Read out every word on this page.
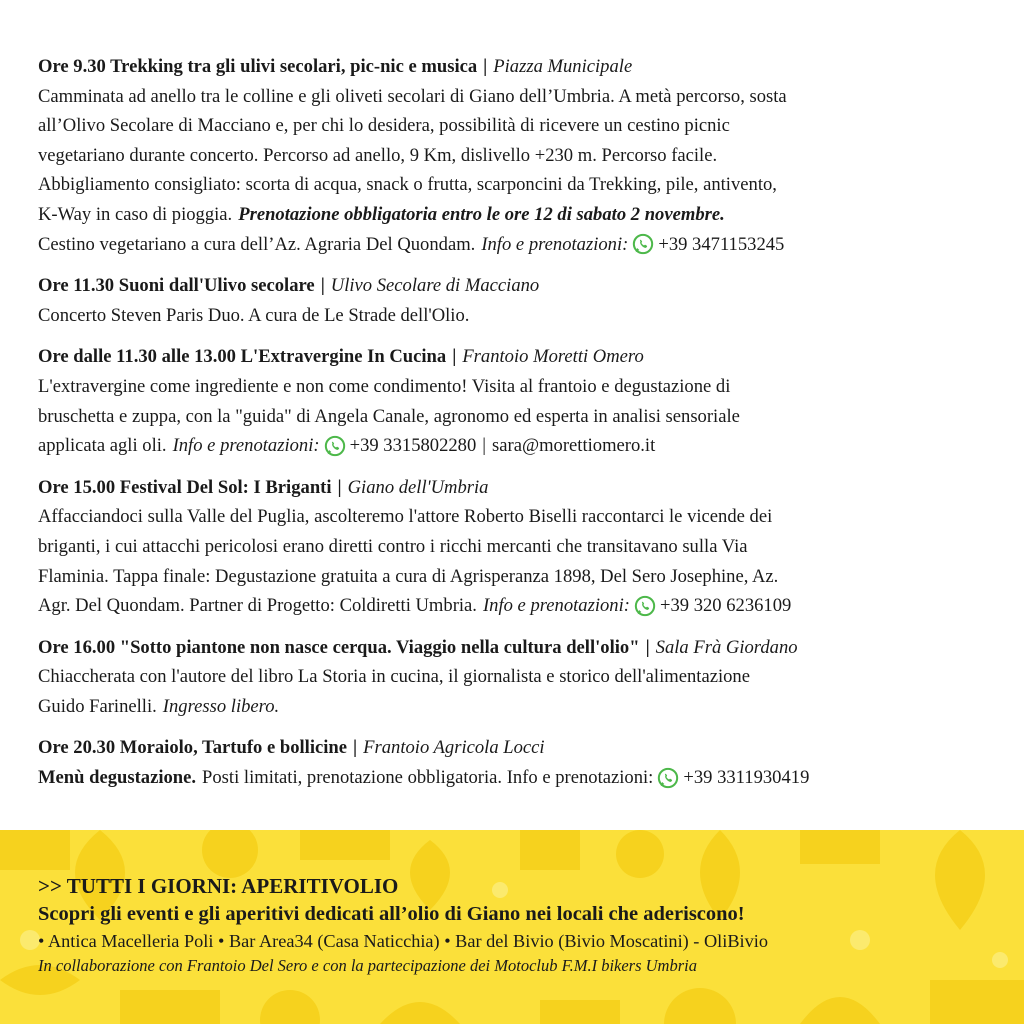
Ore 9.30 Trekking tra gli ulivi secolari, pic-nic e musica | Piazza Municipale
Camminata ad anello tra le colline e gli oliveti secolari di Giano dell’Umbria. A metà percorso, sosta
all’Olivo Secolare di Macciano e, per chi lo desidera, possibilità di ricevere un cestino picnic
vegetariano durante concerto. Percorso ad anello, 9 Km, dislivello +230 m. Percorso facile.
Abbigliamento consigliato: scorta di acqua, snack o frutta, scarponcini da Trekking, pile, antivento,
K-Way in caso di pioggia. Prenotazione obbligatoria entro le ore 12 di sabato 2 novembre.
Cestino vegetariano a cura dell’Az. Agraria Del Quondam. Info e prenotazioni: +39 3471153245
Ore 11.30 Suoni dall'Ulivo secolare | Ulivo Secolare di Macciano
Concerto Steven Paris Duo. A cura de Le Strade dell'Olio.
Ore dalle 11.30 alle 13.00 L'Extravergine In Cucina | Frantoio Moretti Omero
L'extravergine come ingrediente e non come condimento! Visita al frantoio e degustazione di
bruschetta e zuppa, con la "guida" di Angela Canale, agronomo ed esperta in analisi sensoriale
applicata agli oli. Info e prenotazioni: +39 3315802280 | sara@morettiomero.it
Ore 15.00 Festival Del Sol: I Briganti | Giano dell'Umbria
Affacciandoci sulla Valle del Puglia, ascolteremo l'attore Roberto Biselli raccontarci le vicende dei
briganti, i cui attacchi pericolosi erano diretti contro i ricchi mercanti che transitavano sulla Via
Flaminia. Tappa finale: Degustazione gratuita a cura di Agrisperanza 1898, Del Sero Josephine, Az.
Agr. Del Quondam. Partner di Progetto: Coldiretti Umbria. Info e prenotazioni: +39 320 6236109
Ore 16.00 "Sotto piantone non nasce cerqua. Viaggio nella cultura dell'olio" | Sala Frà Giordano
Chiaccherata con l'autore del libro La Storia in cucina, il giornalista e storico dell'alimentazione
Guido Farinelli. Ingresso libero.
Ore 20.30 Moraiolo, Tartufo e bollicine | Frantoio Agricola Locci
Menù degustazione. Posti limitati, prenotazione obbligatoria. Info e prenotazioni: +39 3311930419
>> TUTTI I GIORNI: APERITIVOLIO
Scopri gli eventi e gli aperitivi dedicati all’olio di Giano nei locali che aderiscono!
• Antica Macelleria Poli • Bar Area34 (Casa Naticchia) • Bar del Bivio (Bivio Moscatini) - OliBivio
In collaborazione con Frantoio Del Sero e con la partecipazione dei Motoclub F.M.I bikers Umbria
